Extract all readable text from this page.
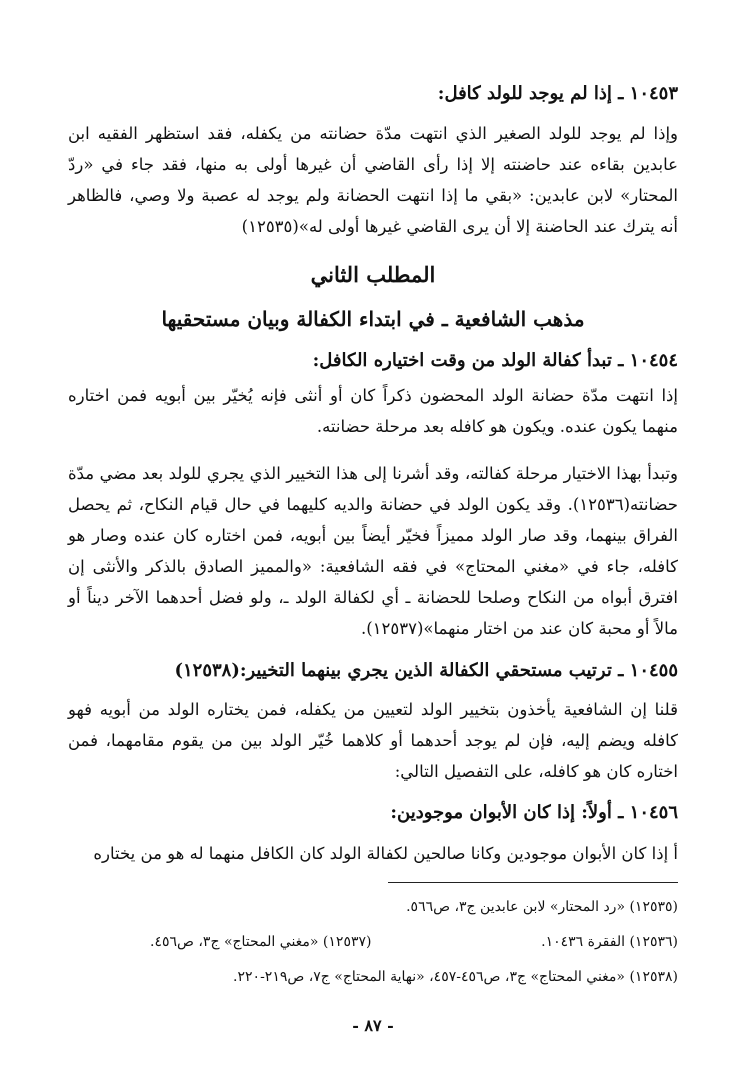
١٠٤٥٣ ـ إذا لم يوجد للولد كافل:

وإذا لم يوجد للولد الصغير الذي انتهت مدّة حضانته من يكفله، فقد استظهر الفقيه ابن عابدين بقاءه عند حاضنته إلا إذا رأى القاضي أن غيرها أولى به منها، فقد جاء في «ردّ المحتار» لابن عابدين: «بقي ما إذا انتهت الحضانة ولم يوجد له عصبة ولا وصي، فالظاهر أنه يترك عند الحاضنة إلا أن يرى القاضي غيرها أولى له»(١٢٥٣٥)

المطلب الثاني
مذهب الشافعية ـ في ابتداء الكفالة وبيان مستحقيها
١٠٤٥٤ ـ تبدأ كفالة الولد من وقت اختياره الكافل:

إذا انتهت مدّة حضانة الولد المحضون ذكراً كان أو أنثى فإنه يُخيّر بين أبويه فمن اختاره منهما يكون عنده. ويكون هو كافله بعد مرحلة حضانته.

وتبدأ بهذا الاختيار مرحلة كفالته، وقد أشرنا إلى هذا التخيير الذي يجري للولد بعد مضي مدّة حضانته(١٢٥٣٦). وقد يكون الولد في حضانة والديه كليهما في حال قيام النكاح، ثم يحصل الفراق بينهما، وقد صار الولد مميزاً فخيّر أيضاً بين أبويه، فمن اختاره كان عنده وصار هو كافله، جاء في «مغني المحتاج» في فقه الشافعية: «والمميز الصادق بالذكر والأنثى إن افترق أبواه من النكاح وصلحا للحضانة ـ أي لكفالة الولد ـ، ولو فضل أحدهما الآخر ديناً أو مالاً أو محبة كان عند من اختار منهما»(١٢٥٣٧).

١٠٤٥٥ ـ ترتيب مستحقي الكفالة الذين يجري بينهما التخيير:(١٢٥٣٨)

قلنا إن الشافعية يأخذون بتخيير الولد لتعيين من يكفله، فمن يختاره الولد من أبويه فهو كافله ويضم إليه، فإن لم يوجد أحدهما أو كلاهما خُيّر الولد بين من يقوم مقامهما، فمن اختاره كان هو كافله، على التفصيل التالي:

١٠٤٥٦ ـ أولاً: إذا كان الأبوان موجودين:

أ إذا كان الأبوان موجودين وكانا صالحين لكفالة الولد كان الكافل منهما له هو من يختاره

(١٢٥٣٥) «رد المحتار» لابن عابدين ج٣، ص٥٦٦.
(١٢٥٣٦) الفقرة ١٠٤٣٦.
(١٢٥٣٧) «مغني المحتاج» ج٣، ص٤٥٦.
(١٢٥٣٨) «مغني المحتاج» ج٣، ص٤٥٦-٤٥٧، «نهاية المحتاج» ج٧، ص٢١٩-٢٢٠.
- ٨٧ -
